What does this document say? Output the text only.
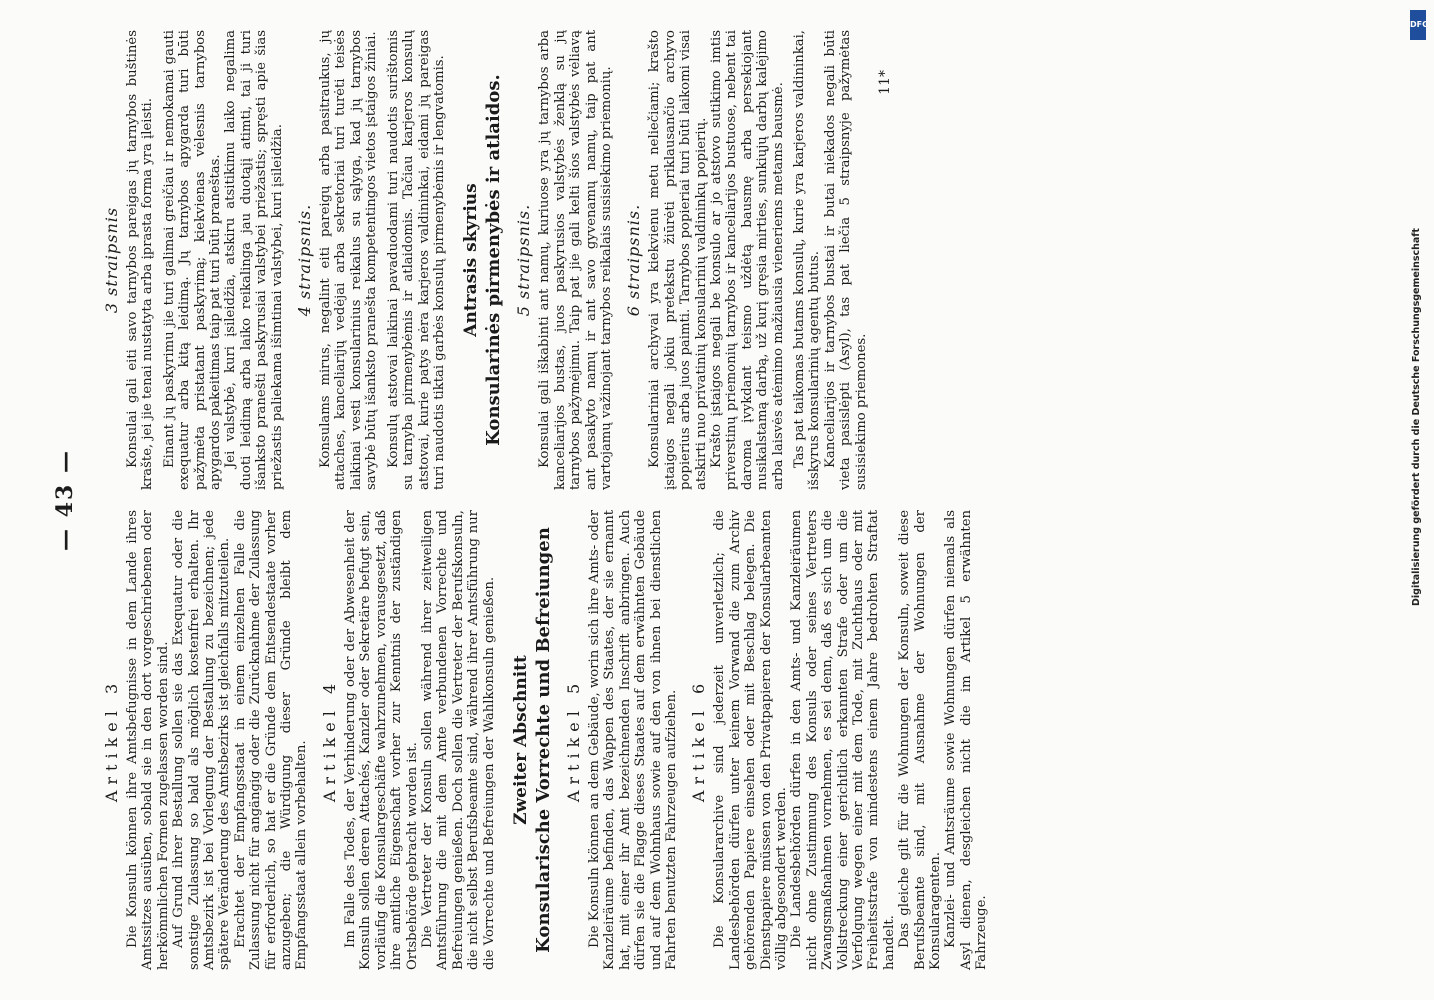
— 43 —
Artikel 3 Die Konsuln können ihre Amtsbefugnisse in dem Lande ihres Amtssitzes ausüben, sobald sie in den dort vorgeschriebenen oder herkömmlichen Formen zugelassen worden sind. Auf Grund ihrer Bestallung sollen sie das Exequatur oder die sonstige Zulassung so bald als möglich kostenfrei erhalten. Ihr Amtsbezirk ist bei Vorlegung der Bestallung zu bezeichnen; jede spätere Veränderung des Amtsbezirks ist gleichfalls mitzuteilen. Erachtet der Empfangsstaat in einem einzelnen Falle die Zulassung nicht für angängig oder die Zurücknahme der Zulassung für erforderlich, so hat er die Gründe dem Entsendestaate vorher anzugeben; die Würdigung dieser Gründe bleibt dem Empfangsstaat allein vorbehalten.

Artikel 4 Im Falle des Todes, der Verhinderung oder der Abwesenheit der Konsuln sollen deren Attachés, Kanzler oder Sekretäre befugt sein, vorläufig die Konsulargeschäfte wahrzunehmen, vorausgesetzt, daß ihre amtliche Eigenschaft vorher zur Kenntnis der zuständigen Ortsbehörde gebracht worden ist. Die Vertreter der Konsuln sollen während ihrer zeitweiligen Amtsführung die mit dem Amte verbundenen Vorrechte und Befreiungen genießen. Doch sollen die Vertreter der Berufskonsuln, die nicht selbst Berufsbeamte sind, während ihrer Amtsführung nur die Vorrechte und Befreiungen der Wahlkonsuln genießen. Zweiter Abschnitt Konsularische Vorrechte und Befreiungen Artikel 5 Die Konsuln können an dem Gebäude, worin sich ihre Amts- oder Kanzleiräume befinden, das Wappen des Staates, der sie ernannt hat, mit einer ihr Amt bezeichnenden Inschrift anbringen. Auch dürfen sie die Flagge dieses Staates auf dem erwähnten Gebäude und auf dem Wohnhaus sowie auf den von ihnen bei dienstlichen Fahrten benutzten Fahrzeugen aufziehen. Artikel 6 Die Konsulararchive sind jederzeit unverletzlich; die Landesbehörden dürfen unter keinem Vorwand die zum Archiv gehörenden Papiere einsehen oder mit Beschlag belegen. Die Dienstpapiere müssen von den Privatpapieren der Konsularbeamten völlig abgesondert werden. Die Landesbehörden dürfen in den Amts- und Kanzleiräumen nicht ohne Zustimmung des Konsuls oder seines Vertreters Zwangsmaßnahmen vornehmen, es sei denn, daß es sich um die Vollstreckung einer gerichtlich erkannten Strafe oder um die Verfolgung wegen einer mit dem Tode, mit Zuchthaus oder mit Freiheitsstrafe von mindestens einem Jahre bedrohten Straftat handelt. Das gleiche gilt für die Wohnungen der Konsuln, soweit diese Berufsbeamte sind, mit Ausnahme der Wohnungen der Konsularagenten. Kanzlei- und Amtsräume sowie Wohnungen dürfen niemals als Asyl dienen, desgleichen nicht die im Artikel 5 erwähnten Fahrzeuge.

3 straipsnis Konsulai gali eiti savo tarnybos pareigas jų tarnybos buštinės krašte, jei jie tenai nustatyta arba įprasta forma yra įleisti. Einant jų paskyrimu jie turi galimai greičiau ir nemokamai gauti exequatur arba kitą leidimą. Jų tarnybos apygarda turi būti pažymėta pristatant paskyrimą; kiekvienas vėlesnis tarnybos apygardos pakeitimas taip pat turi būti praneštas. Jei valstybė, kuri įsileidžia, atskiru atsitikimu laiko negalima duoti leidimą arba laiko reikalinga jau duotąjį atimti, tai ji turi išanksto pranešti paskyrusiai valstybei priežastis; spręsti apie šias priežastis paliekama išimtinai valstybei, kuri įsileidžia. 4 straipsnis. Konsulams mirus, negalint eiti pareigų arba pasitraukus, jų attaches, kanceliarijų vedėjai arba sekretoriai turi turėti teisės laikinai vesti konsularinius reikalus su sąlyga, kad jų tarnybos savybė būtų išanksto pranešta kompetentingos vietos įstaigos žiniai. Konsulų atstovai laikinai pavaduodami turi naudotis surištomis su tarnyba pirmenybėmis ir atlaidomis. Tačiau karjeros konsulų atstovai, kurie patys nėra karjeros valdininkai, eidami jų pareigas turi naudotis tiktai garbės konsulų pirmenybėmis ir lengvatomis. Antrasis skyrius Konsularinės pirmenybės ir atlaidos. 5 straipsnis. Konsulai gali iškabinti ant namų, kuriuose yra jų tarnybos arba kanceliarijos bustas, juos paskyrusios valstybės ženklą su jų tarnybos pažymėjimu. Taip pat jie gali kelti šios valstybės vėliavą ant pasakyto namų ir ant savo gyvenamų namų, taip pat ant vartojamų važinojant tarnybos reikalais susisiekimo priemonių. 6 straipsnis. Konsulariniai archyvai yra kiekvienu metu neliečiami; krašto įstaigos negali jokiu pretekstu žiūrėti priklausančio archyvo popierius arba juos paimti. Tarnybos popieriai turi būti laikomi visai atskirti nuo privatinių konsularinių valdininkų popierių. Krašto įstaigos negali be konsulo ar jo atstovo sutikimo imtis priverstinų priemonių tarnybos ir kanceliarijos bustuose, nebent tai daroma įvykdant teismo uždėtą bausmę arba persekiojant nusikalstamą darbą, už kurį gręsia mirties, sunkiųjų darbų kalėjimo arba laisvės atėmimo mažiausia vieneriems metams bausmė. Tas pat taikomas butams konsulų, kurie yra karjeros valdininkai, išskyrus konsularinių agentų butus. Kanceliarijos ir tarnybos bustai ir butai niekados negali būti vieta pasislėpti (Asyl), tas pat liečia 5 straipsnyje pažymėtas susisiekimo priemones.

11*
DFG
Digitalisierung gefördert durch die Deutsche Forschungsgemeinschaft
